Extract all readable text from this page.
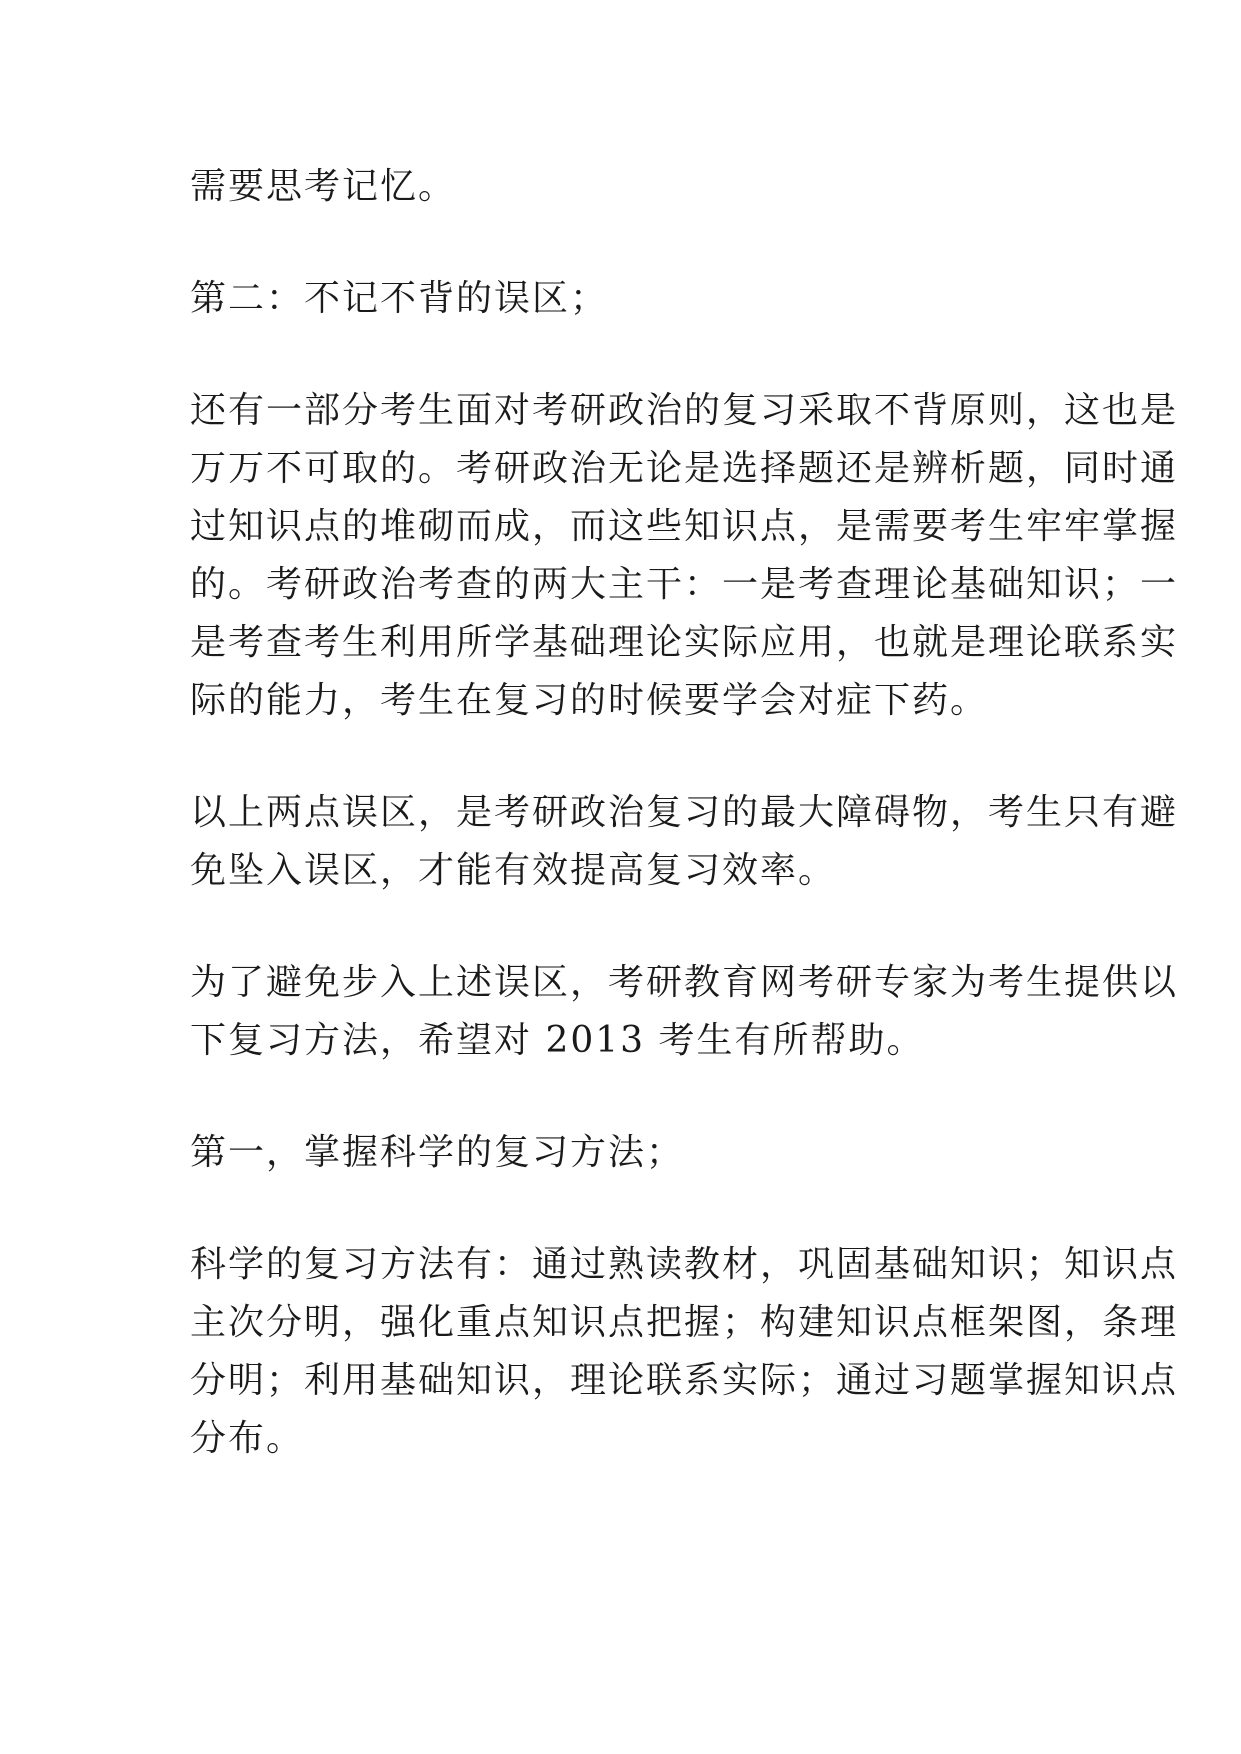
需要思考记忆。
第二：不记不背的误区；
还有一部分考生面对考研政治的复习采取不背原则，这也是
万万不可取的。考研政治无论是选择题还是辨析题，同时通
过知识点的堆砌而成，而这些知识点，是需要考生牢牢掌握
的。考研政治考查的两大主干：一是考查理论基础知识；一
是考查考生利用所学基础理论实际应用，也就是理论联系实
际的能力，考生在复习的时候要学会对症下药。
以上两点误区，是考研政治复习的最大障碍物，考生只有避
免坠入误区，才能有效提高复习效率。
为了避免步入上述误区，考研教育网考研专家为考生提供以
下复习方法，希望对 2013 考生有所帮助。
第一，掌握科学的复习方法；
科学的复习方法有：通过熟读教材，巩固基础知识；知识点
主次分明，强化重点知识点把握；构建知识点框架图，条理
分明；利用基础知识，理论联系实际；通过习题掌握知识点
分布。
